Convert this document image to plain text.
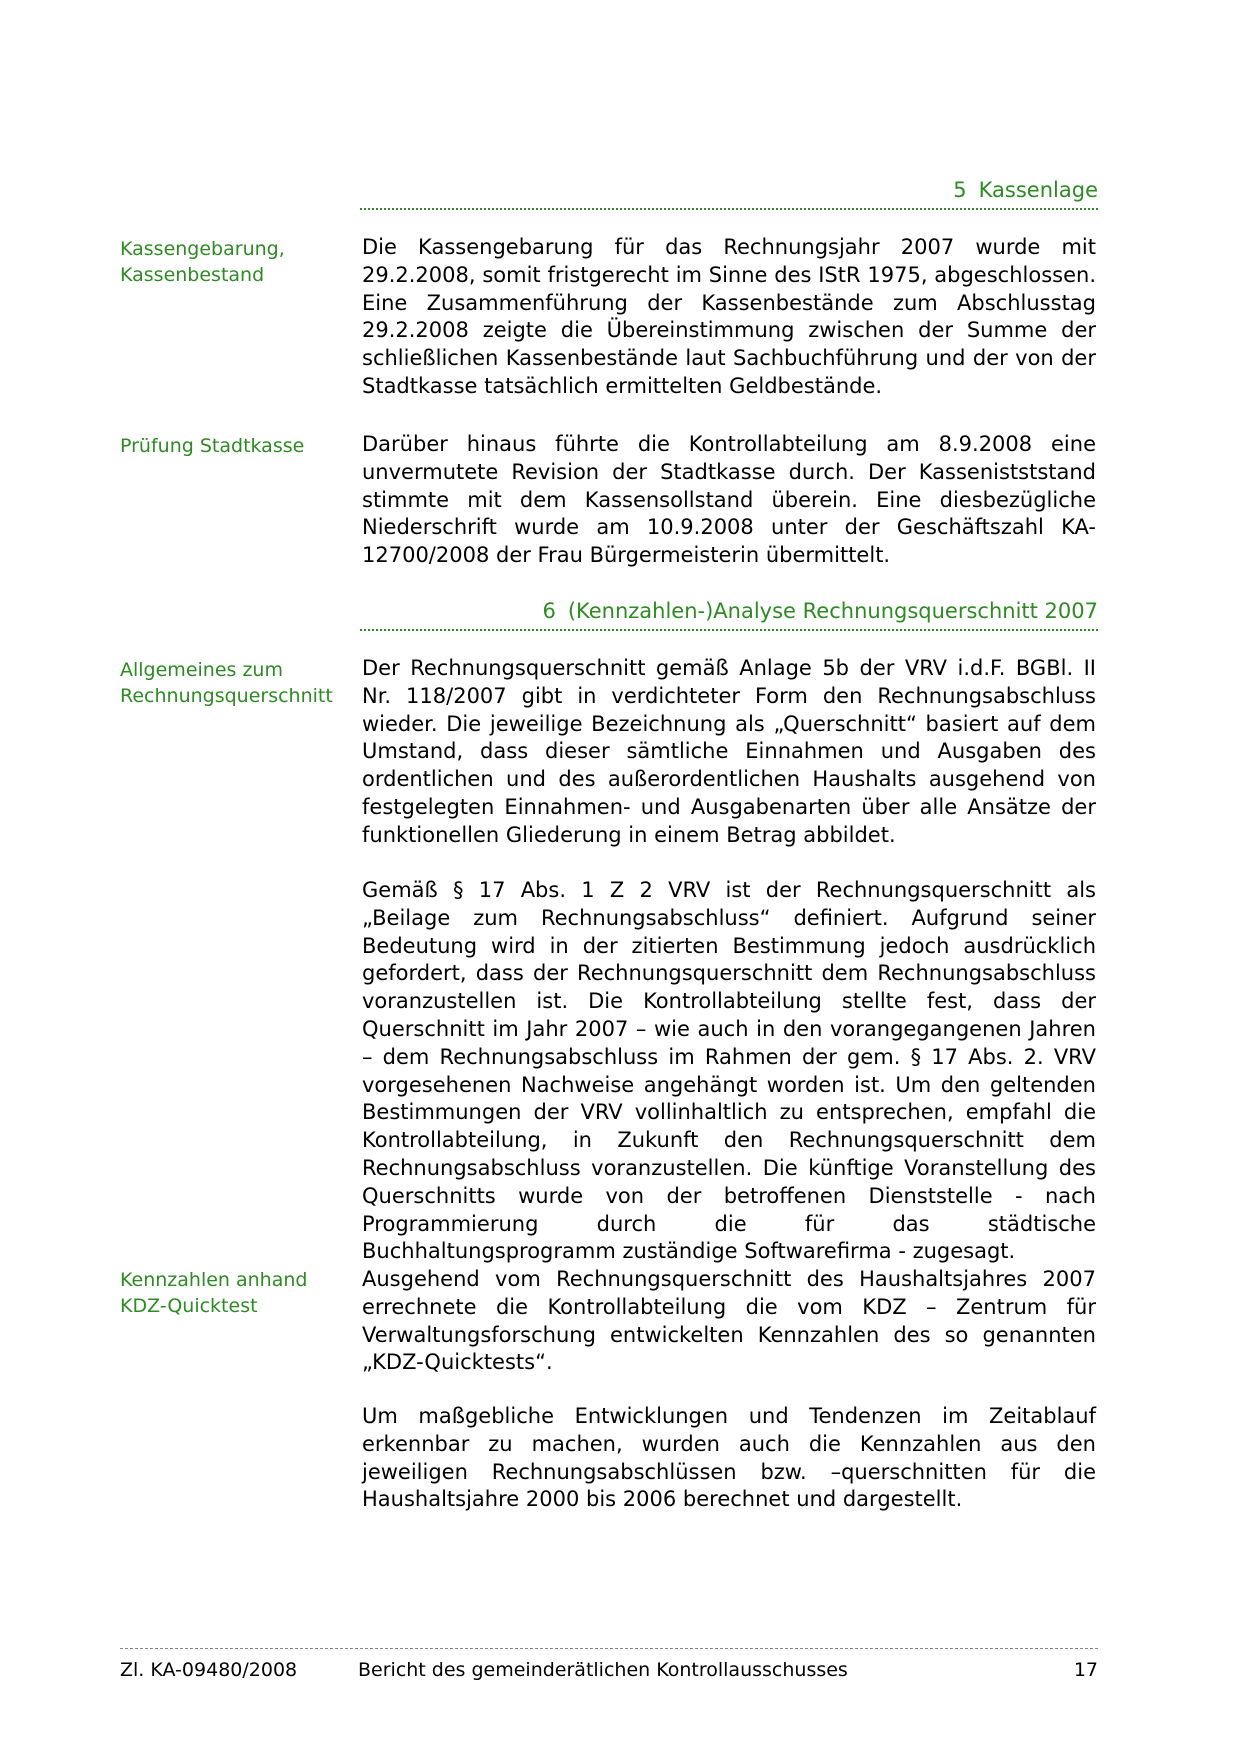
5 Kassenlage
Kassengebarung, Kassenbestand

Die Kassengebarung für das Rechnungsjahr 2007 wurde mit 29.2.2008, somit fristgerecht im Sinne des IStR 1975, abgeschlossen. Eine Zusammenführung der Kassenbestände zum Abschlusstag 29.2.2008 zeigte die Übereinstimmung zwischen der Summe der schließlichen Kassenbestände laut Sachbuchführung und der von der Stadtkasse tatsächlich ermittelten Geldbestände.

Prüfung Stadtkasse	Darüber hinaus führte die Kontrollabteilung am 8.9.2008 eine unvermutete Revision der Stadtkasse durch. Der Kassenistststand stimmte mit dem Kassensollstand überein. Eine diesbezügliche Niederschrift wurde am 10.9.2008 unter der Geschäftszahl KA-12700/2008 der Frau Bürgermeisterin übermittelt.

6 (Kennzahlen-)Analyse Rechnungsquerschnitt 2007
Allgemeines zum Rechnungsquerschnitt

Der Rechnungsquerschnitt gemäß Anlage 5b der VRV i.d.F. BGBl. II Nr. 118/2007 gibt in verdichteter Form den Rechnungsabschluss wieder. Die jeweilige Bezeichnung als „Querschnitt“ basiert auf dem Umstand, dass dieser sämtliche Einnahmen und Ausgaben des ordentlichen und des außerordentlichen Haushalts ausgehend von festgelegten Einnahmen- und Ausgabenarten über alle Ansätze der funktionellen Gliederung in einem Betrag abbildet.

Gemäß § 17 Abs. 1 Z 2 VRV ist der Rechnungsquerschnitt als „Beilage zum Rechnungsabschluss“ definiert. Aufgrund seiner Bedeutung wird in der zitierten Bestimmung jedoch ausdrücklich gefordert, dass der Rechnungsquerschnitt dem Rechnungsabschluss voranzustellen ist. Die Kontrollabteilung stellte fest, dass der Querschnitt im Jahr 2007 – wie auch in den vorangegangenen Jahren – dem Rechnungsabschluss im Rahmen der gem. § 17 Abs. 2. VRV vorgesehenen Nachweise angehängt worden ist. Um den geltenden Bestimmungen der VRV vollinhaltlich zu entsprechen, empfahl die Kontrollabteilung, in Zukunft den Rechnungsquerschnitt dem Rechnungsabschluss voranzustellen. Die künftige Voranstellung des Querschnitts wurde von der betroffenen Dienststelle - nach Programmierung durch die für das städtische Buchhaltungsprogramm zuständige Softwarefirma - zugesagt.

Kennzahlen anhand KDZ-Quicktest

Ausgehend vom Rechnungsquerschnitt des Haushaltsjahres 2007 errechnete die Kontrollabteilung die vom KDZ – Zentrum für Verwaltungsforschung entwickelten Kennzahlen des so genannten „KDZ-Quicktests“.

Um maßgebliche Entwicklungen und Tendenzen im Zeitablauf erkennbar zu machen, wurden auch die Kennzahlen aus den jeweiligen Rechnungsabschlüssen bzw. –querschnitten für die Haushaltsjahre 2000 bis 2006 berechnet und dargestellt.

Zl. KA-09480/2008	Bericht des gemeinderätlichen Kontrollausschusses	17
